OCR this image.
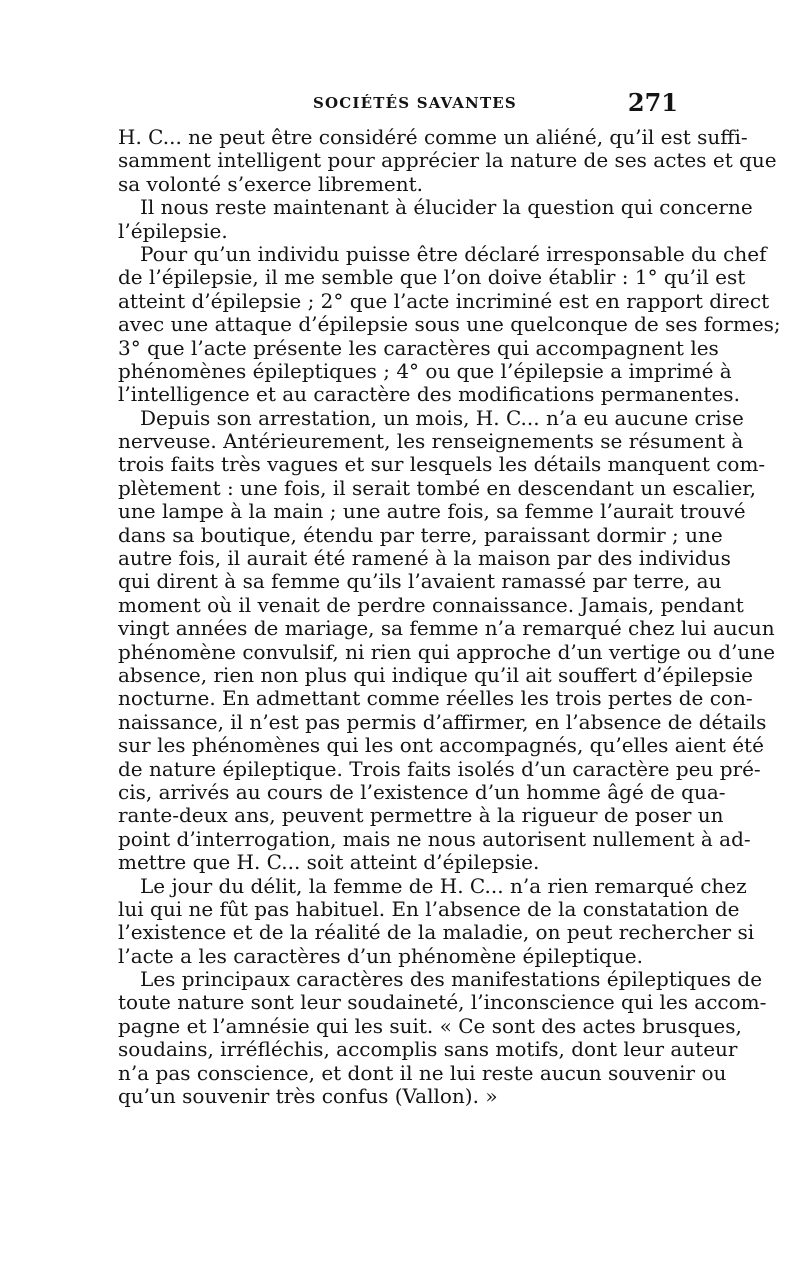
SOCIÉTÉS SAVANTES	271
H. C... ne peut être considéré comme un aliéné, qu’il est suffi-
samment intelligent pour apprécier la nature de ses actes et que
sa volonté s’exerce librement.
Il nous reste maintenant à élucider la question qui concerne
l’épilepsie.
Pour qu’un individu puisse être déclaré irresponsable du chef
de l’épilepsie, il me semble que l’on doive établir : 1° qu’il est
atteint d’épilepsie ; 2° que l’acte incriminé est en rapport direct
avec une attaque d’épilepsie sous une quelconque de ses formes;
3° que l’acte présente les caractères qui accompagnent les
phénomènes épileptiques ; 4° ou que l’épilepsie a imprimé à
l’intelligence et au caractère des modifications permanentes.
Depuis son arrestation, un mois, H. C... n’a eu aucune crise
nerveuse. Antérieurement, les renseignements se résument à
trois faits très vagues et sur lesquels les détails manquent com-
plètement : une fois, il serait tombé en descendant un escalier,
une lampe à la main ; une autre fois, sa femme l’aurait trouvé
dans sa boutique, étendu par terre, paraissant dormir ; une
autre fois, il aurait été ramené à la maison par des individus
qui dirent à sa femme qu’ils l’avaient ramassé par terre, au
moment où il venait de perdre connaissance. Jamais, pendant
vingt années de mariage, sa femme n’a remarqué chez lui aucun
phénomène convulsif, ni rien qui approche d’un vertige ou d’une
absence, rien non plus qui indique qu’il ait souffert d’épilepsie
nocturne. En admettant comme réelles les trois pertes de con-
naissance, il n’est pas permis d’affirmer, en l’absence de détails
sur les phénomènes qui les ont accompagnés, qu’elles aient été
de nature épileptique. Trois faits isolés d’un caractère peu pré-
cis, arrivés au cours de l’existence d’un homme âgé de qua-
rante-deux ans, peuvent permettre à la rigueur de poser un
point d’interrogation, mais ne nous autorisent nullement à ad-
mettre que H. C... soit atteint d’épilepsie.
Le jour du délit, la femme de H. C... n’a rien remarqué chez
lui qui ne fût pas habituel. En l’absence de la constatation de
l’existence et de la réalité de la maladie, on peut rechercher si
l’acte a les caractères d’un phénomène épileptique.
Les principaux caractères des manifestations épileptiques de
toute nature sont leur soudaineté, l’inconscience qui les accom-
pagne et l’amnésie qui les suit. « Ce sont des actes brusques,
soudains, irréfléchis, accomplis sans motifs, dont leur auteur
n’a pas conscience, et dont il ne lui reste aucun souvenir ou
qu’un souvenir très confus (Vallon). »
